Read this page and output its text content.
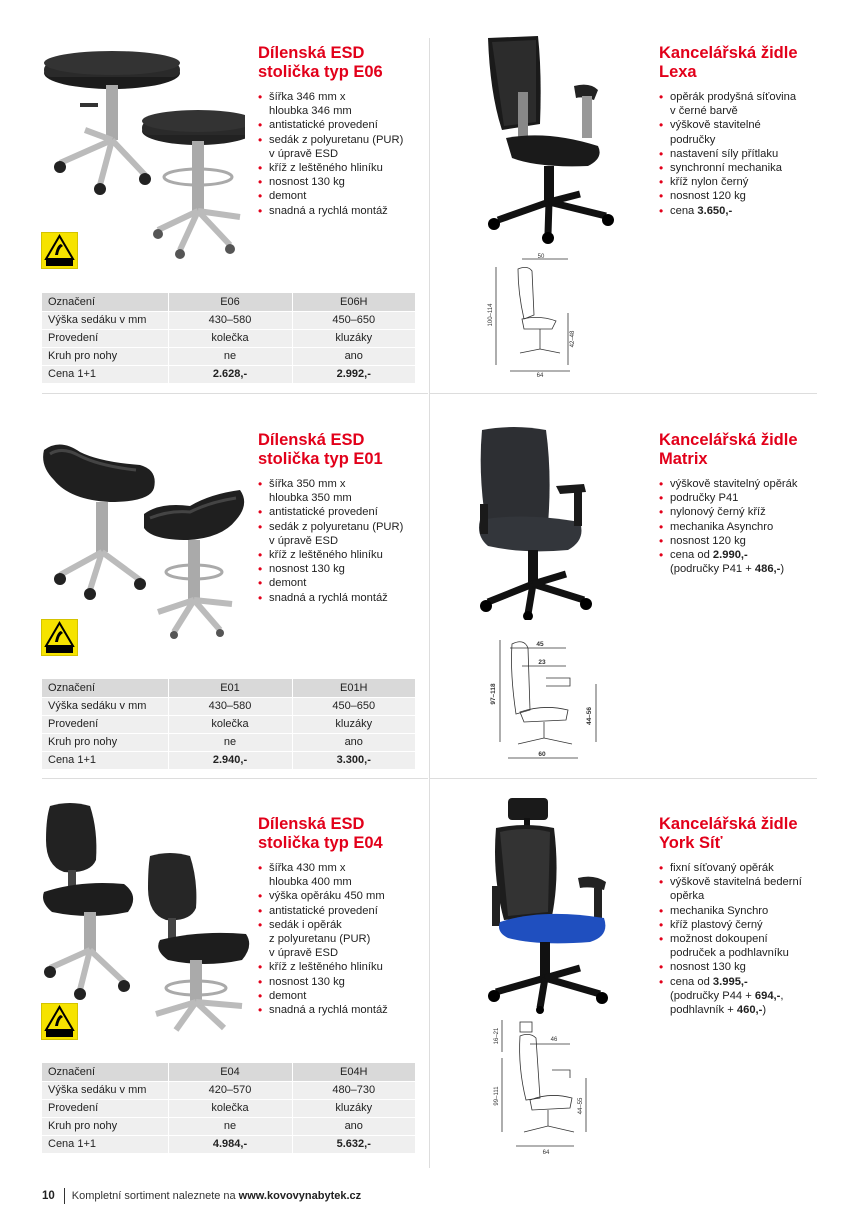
Dílenská ESD
stolička typ E06
• šířka 346 mm x
hloubka 346 mm
• antistatické provedení
• sedák z polyuretanu (PUR)
v úpravě ESD
• kříž z leštěného hliníku
• nosnost 130 kg
• demont
• snadná a rychlá montáž
Označení	E06	E06H
Výška sedáku v mm	430–580	450–650
Provedení	kolečka	kluzáky
Kruh pro nohy	ne	ano
Cena 1+1	2.628,-	2.992,-
Dílenská ESD
stolička typ E01
• šířka 350 mm x
hloubka 350 mm
• antistatické provedení
• sedák z polyuretanu (PUR)
v úpravě ESD
• kříž z leštěného hliníku
• nosnost 130 kg
• demont
• snadná a rychlá montáž
Označení	E01	E01H
Výška sedáku v mm	430–580	450–650
Provedení	kolečka	kluzáky
Kruh pro nohy	ne	ano
Cena 1+1	2.940,-	3.300,-
Dílenská ESD
stolička typ E04
• šířka 430 mm x
hloubka 400 mm
• výška opěráku 450 mm
• antistatické provedení
• sedák i opěrák
z polyuretanu (PUR)
v úpravě ESD
• kříž z leštěného hliníku
• nosnost 130 kg
• demont
• snadná a rychlá montáž
Označení	E04	E04H
Výška sedáku v mm	420–570	480–730
Provedení	kolečka	kluzáky
Kruh pro nohy	ne	ano
Cena 1+1	4.984,-	5.632,-
50
100–114
42–48
64
Kancelářská židle
Lexa
• opěrák prodyšná síťovina
v černé barvě
• výškově stavitelné
područky
• nastavení síly přítlaku
• synchronní mechanika
• kříž nylon černý
• nosnost 120 kg
• cena 3.650,-
45
23
97–118
44–56
60
Kancelářská židle
Matrix
• výškově stavitelný opěrák
• područky P41
• nylonový černý kříž
• mechanika Asynchro
• nosnost 120 kg
• cena od 2.990,-
(područky P41 + 486,-)
16–21	46
99–111
44–55
64
Kancelářská židle
York Síť
• fixní síťovaný opěrák
• výškově stavitelná bederní
opěrka
• mechanika Synchro
• kříž plastový černý
• možnost dokoupení
područek a podhlavníku
• nosnost 130 kg
• cena od 3.995,-
(područky P44 + 694,-,
podhlavník + 460,-)
10 Kompletní sortiment naleznete na www.kovovynabytek.cz
